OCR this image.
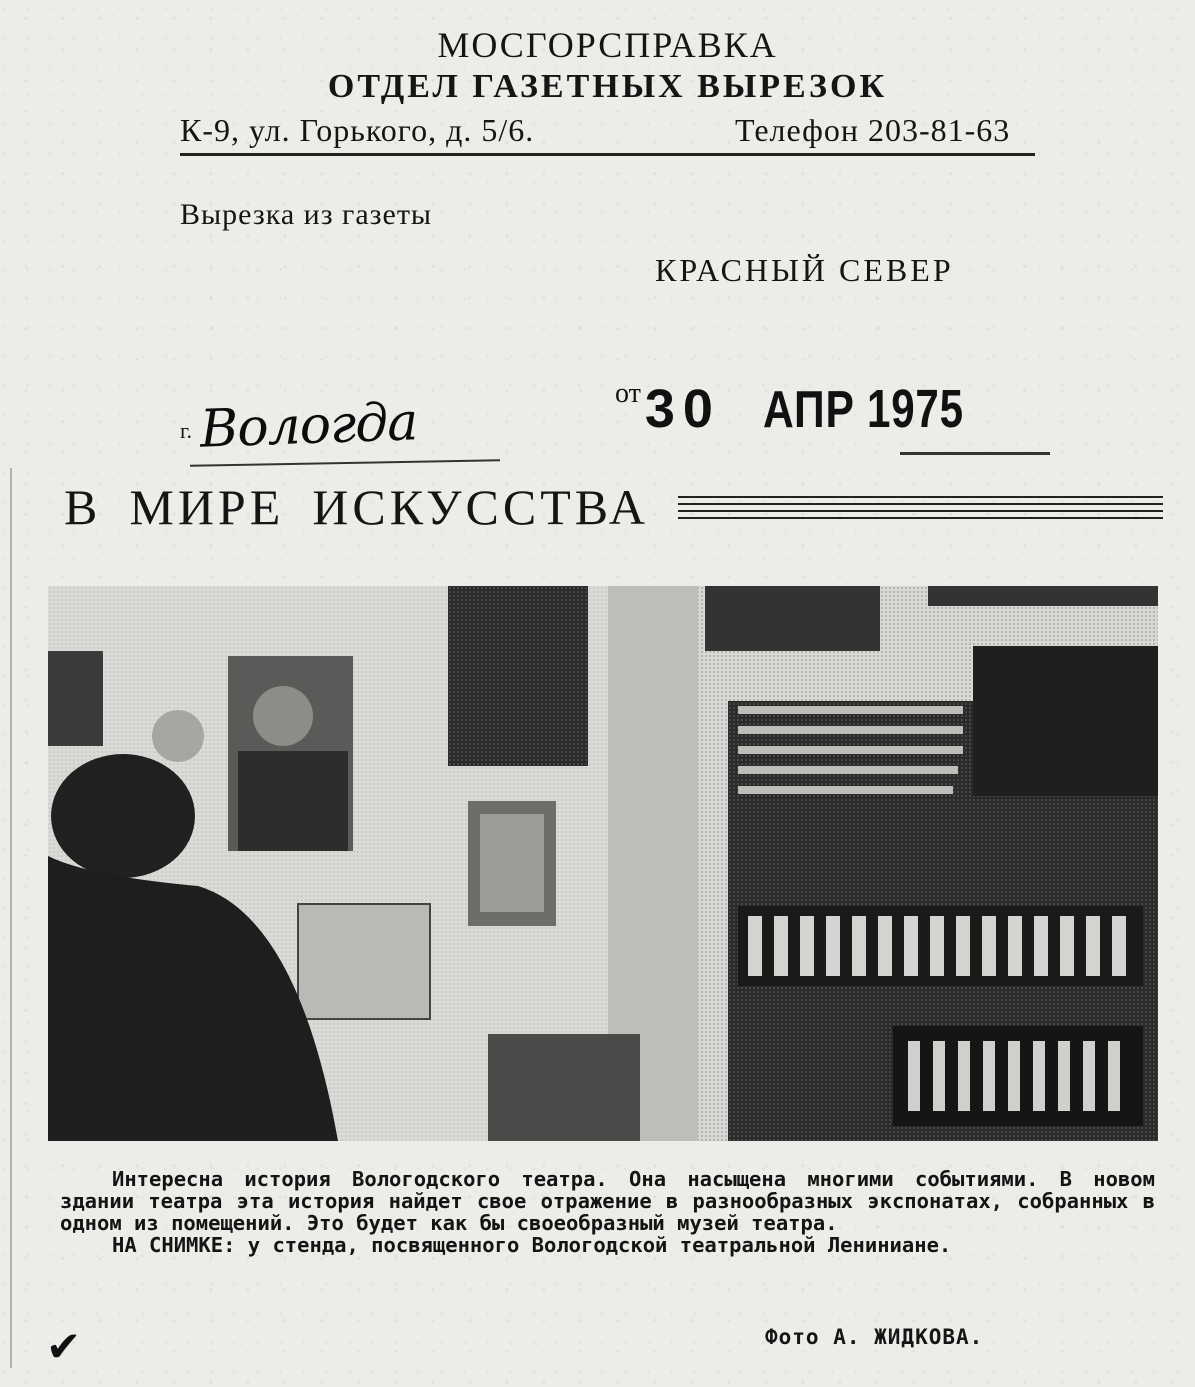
МОСГОРСПРАВКА
ОТДЕЛ ГАЗЕТНЫХ ВЫРЕЗОК
К-9, ул. Горького, д. 5/6.	Телефон 203-81-63
Вырезка из газеты
КРАСНЫЙ СЕВЕР
от 30 АПР 1975
г. Вологда
В МИРЕ ИСКУССТВА

Интересна история Вологодского театра. Она насыщена многими событиями. В новом здании театра эта история найдет свое отражение в разнообразных экспонатах, собранных в одном из помещений. Это будет как бы своеобразный музей театра.

НА СНИМКЕ: у стенда, посвященного Вологодской театральной Лениниане.

✔	Фото А. ЖИДКОВА.
